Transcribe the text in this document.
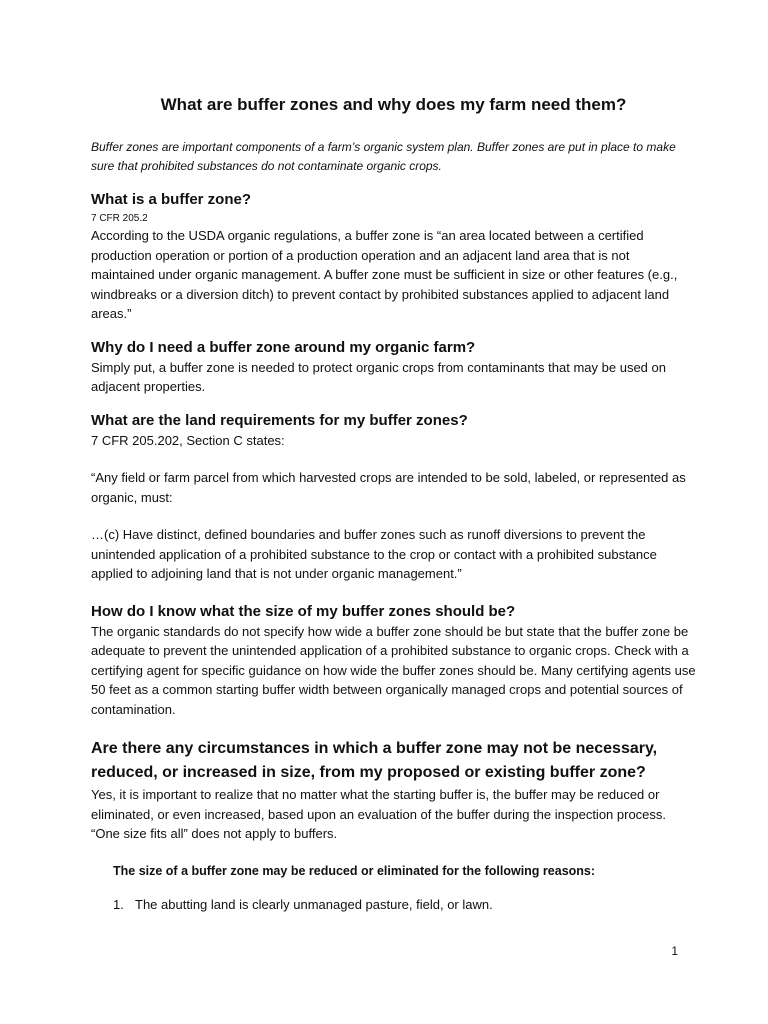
What are buffer zones and why does my farm need them?
Buffer zones are important components of a farm’s organic system plan. Buffer zones are put in place to make sure that prohibited substances do not contaminate organic crops.
What is a buffer zone?
7 CFR 205.2
According to the USDA organic regulations, a buffer zone is “an area located between a certified production operation or portion of a production operation and an adjacent land area that is not maintained under organic management. A buffer zone must be sufficient in size or other features (e.g., windbreaks or a diversion ditch) to prevent contact by prohibited substances applied to adjacent land areas.”
Why do I need a buffer zone around my organic farm?
Simply put, a buffer zone is needed to protect organic crops from contaminants that may be used on adjacent properties.
What are the land requirements for my buffer zones?
7 CFR 205.202, Section C states:
“Any field or farm parcel from which harvested crops are intended to be sold, labeled, or represented as organic, must:
…(c) Have distinct, defined boundaries and buffer zones such as runoff diversions to prevent the unintended application of a prohibited substance to the crop or contact with a prohibited substance applied to adjoining land that is not under organic management.”
How do I know what the size of my buffer zones should be?
The organic standards do not specify how wide a buffer zone should be but state that the buffer zone be adequate to prevent the unintended application of a prohibited substance to organic crops. Check with a certifying agent for specific guidance on how wide the buffer zones should be. Many certifying agents use 50 feet as a common starting buffer width between organically managed crops and potential sources of contamination.
Are there any circumstances in which a buffer zone may not be necessary, reduced, or increased in size, from my proposed or existing buffer zone?
Yes, it is important to realize that no matter what the starting buffer is, the buffer may be reduced or eliminated, or even increased, based upon an evaluation of the buffer during the inspection process. “One size fits all” does not apply to buffers.
The size of a buffer zone may be reduced or eliminated for the following reasons:
1. The abutting land is clearly unmanaged pasture, field, or lawn.
1
